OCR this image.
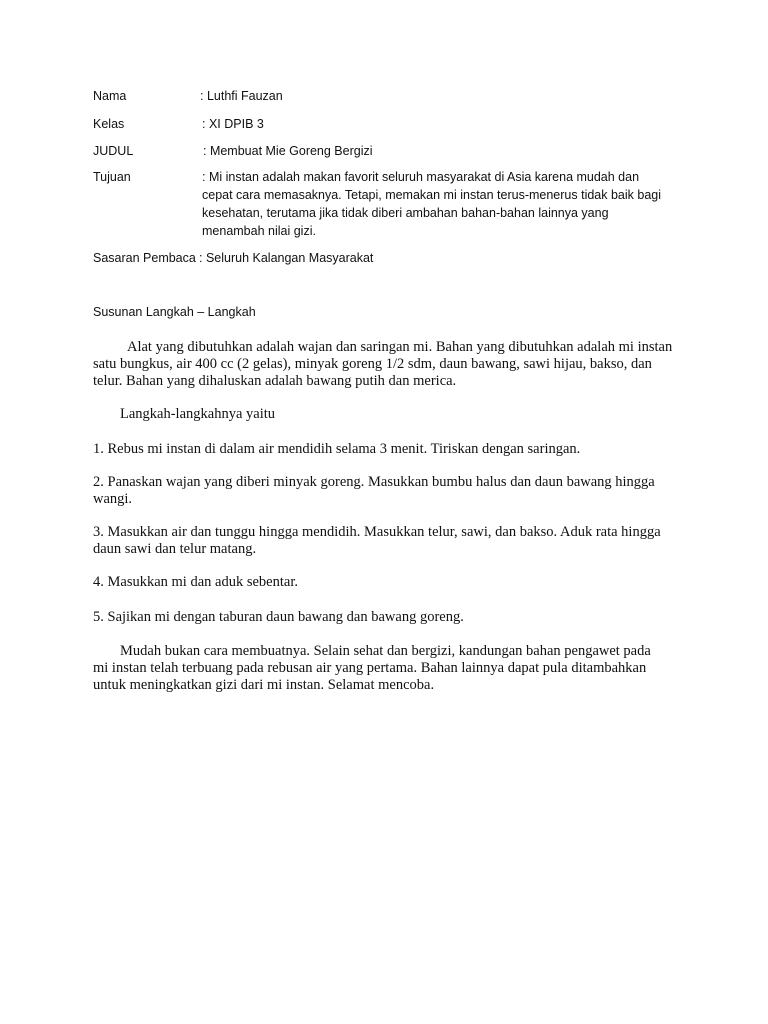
Nama	: Luthfi Fauzan
Kelas	: XI DPIB 3
JUDUL	: Membuat Mie Goreng Bergizi
Tujuan	: Mi instan adalah makan favorit seluruh masyarakat di Asia karena mudah dan cepat cara memasaknya. Tetapi, memakan mi instan terus-menerus tidak baik bagi kesehatan, terutama jika tidak diberi ambahan bahan-bahan lainnya yang menambah nilai gizi.
Sasaran Pembaca : Seluruh Kalangan Masyarakat
Susunan Langkah – Langkah

Alat yang dibutuhkan adalah wajan dan saringan mi. Bahan yang dibutuhkan adalah mi instan satu bungkus, air 400 cc (2 gelas), minyak goreng 1/2 sdm, daun bawang, sawi hijau, bakso, dan telur. Bahan yang dihaluskan adalah bawang putih dan merica.

Langkah-langkahnya yaitu

1. Rebus mi instan di dalam air mendidih selama 3 menit. Tiriskan dengan saringan.

2. Panaskan wajan yang diberi minyak goreng. Masukkan bumbu halus dan daun bawang hingga wangi.

3. Masukkan air dan tunggu hingga mendidih. Masukkan telur, sawi, dan bakso. Aduk rata hingga daun sawi dan telur matang.

4. Masukkan mi dan aduk sebentar.

5. Sajikan mi dengan taburan daun bawang dan bawang goreng.

Mudah bukan cara membuatnya. Selain sehat dan bergizi, kandungan bahan pengawet pada mi instan telah terbuang pada rebusan air yang pertama. Bahan lainnya dapat pula ditambahkan untuk meningkatkan gizi dari mi instan. Selamat mencoba.
